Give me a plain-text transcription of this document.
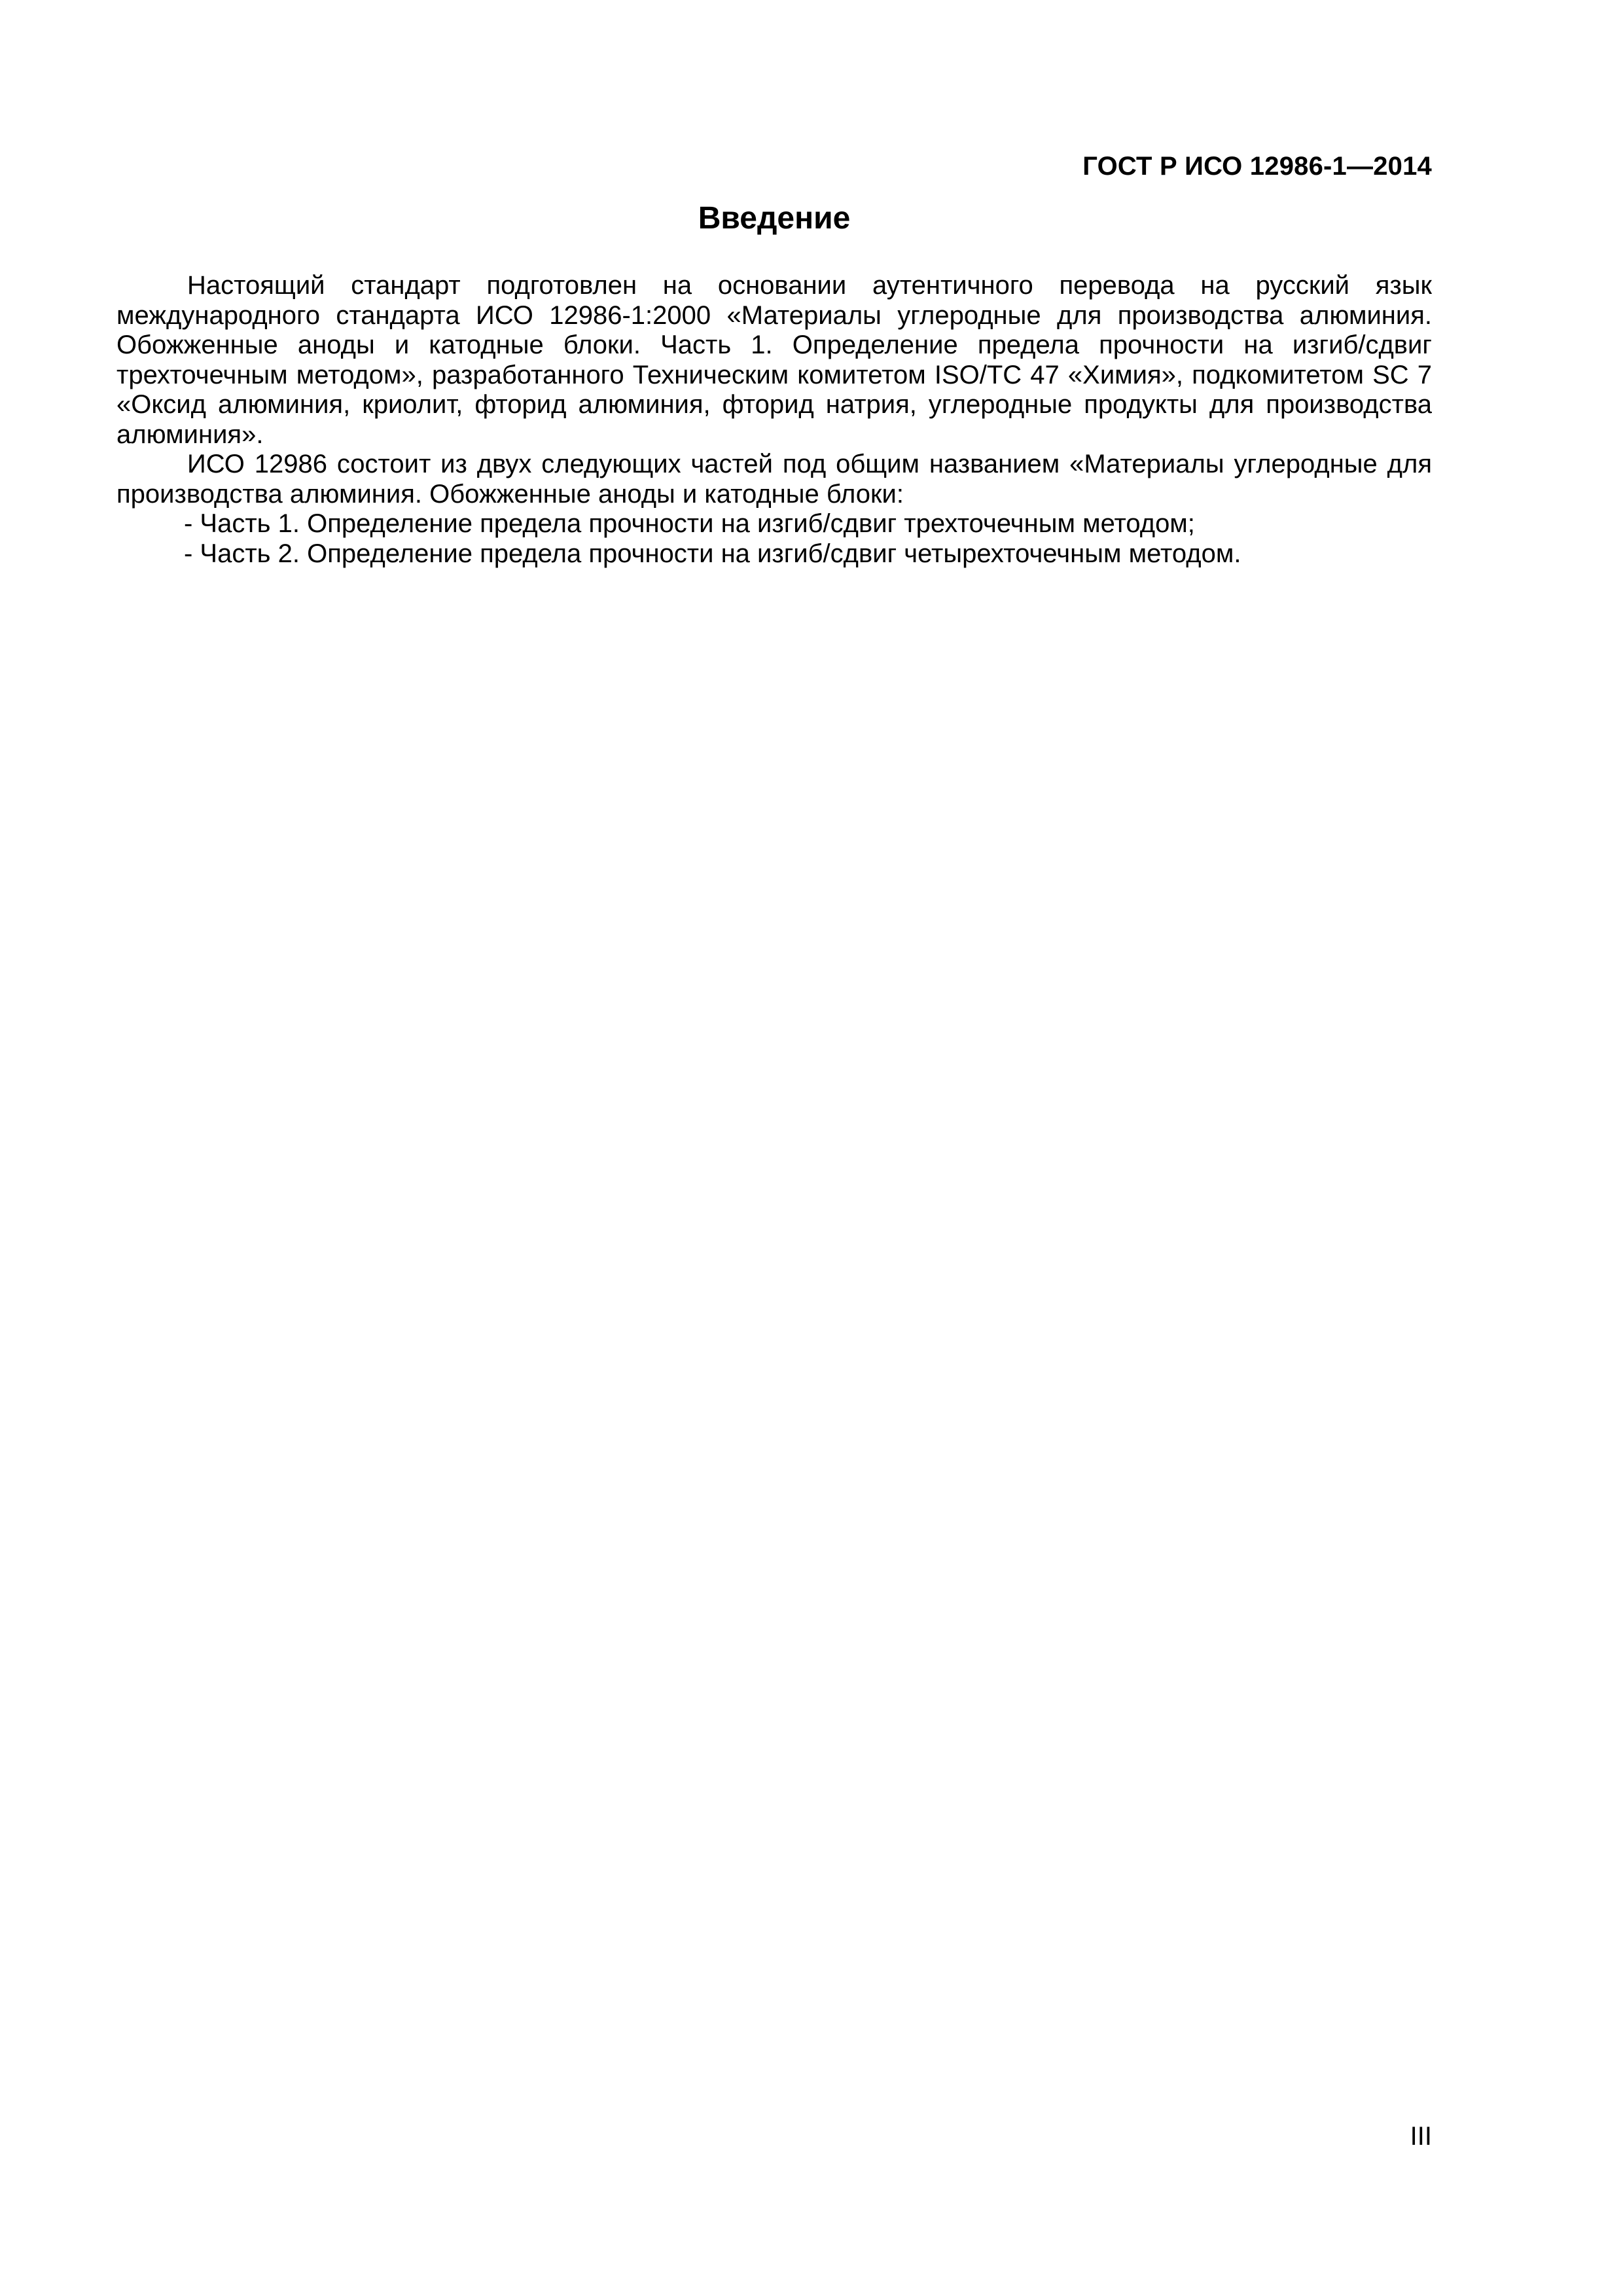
ГОСТ Р ИСО 12986-1—2014
Введение

Настоящий стандарт подготовлен на основании аутентичного перевода на русский язык международного стандарта ИСО 12986-1:2000 «Материалы углеродные для производства алюминия. Обожженные аноды и катодные блоки. Часть 1. Определение предела прочности на изгиб/сдвиг трехточечным методом», разработанного Техническим комитетом ISO/TC 47 «Химия», подкомитетом SC 7 «Оксид алюминия, криолит, фторид алюминия, фторид натрия, углеродные продукты для производства алюминия».

ИСО 12986 состоит из двух следующих частей под общим названием «Материалы углеродные для производства алюминия. Обожженные аноды и катодные блоки:

- Часть 1. Определение предела прочности на изгиб/сдвиг трехточечным методом;
- Часть 2. Определение предела прочности на изгиб/сдвиг четырехточечным методом.
III
